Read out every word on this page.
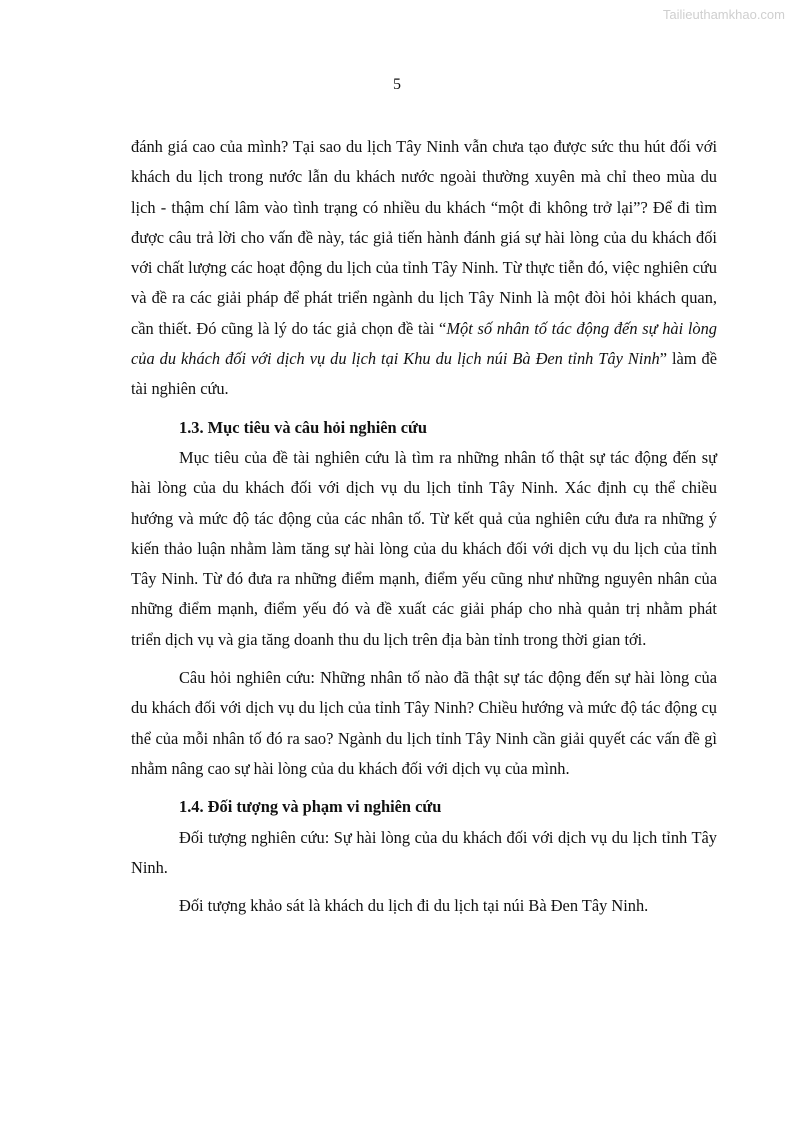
Tailieuthamkhao.com
5

đánh giá cao của mình? Tại sao du lịch Tây Ninh vẫn chưa tạo được sức thu hút đối với khách du lịch trong nước lẫn du khách nước ngoài thường xuyên mà chỉ theo mùa du lịch - thậm chí lâm vào tình trạng có nhiều du khách “một đi không trở lại”? Để đi tìm được câu trả lời cho vấn đề này, tác giả tiến hành đánh giá sự hài lòng của du khách đối với chất lượng các hoạt động du lịch của tỉnh Tây Ninh. Từ thực tiễn đó, việc nghiên cứu và đề ra các giải pháp để phát triển ngành du lịch Tây Ninh là một đòi hỏi khách quan, cần thiết. Đó cũng là lý do tác giả chọn đề tài “Một số nhân tố tác động đến sự hài lòng của du khách đối với dịch vụ du lịch tại Khu du lịch núi Bà Đen tỉnh Tây Ninh” làm đề tài nghiên cứu.

1.3. Mục tiêu và câu hỏi nghiên cứu

Mục tiêu của đề tài nghiên cứu là tìm ra những nhân tố thật sự tác động đến sự hài lòng của du khách đối với dịch vụ du lịch tỉnh Tây Ninh. Xác định cụ thể chiều hướng và mức độ tác động của các nhân tố. Từ kết quả của nghiên cứu đưa ra những ý kiến thảo luận nhằm làm tăng sự hài lòng của du khách đối với dịch vụ du lịch của tỉnh Tây Ninh. Từ đó đưa ra những điểm mạnh, điểm yếu cũng như những nguyên nhân của những điểm mạnh, điểm yếu đó và đề xuất các giải pháp cho nhà quản trị nhằm phát triển dịch vụ và gia tăng doanh thu du lịch trên địa bàn tỉnh trong thời gian tới.

Câu hỏi nghiên cứu: Những nhân tố nào đã thật sự tác động đến sự hài lòng của du khách đối với dịch vụ du lịch của tỉnh Tây Ninh? Chiều hướng và mức độ tác động cụ thể của mỗi nhân tố đó ra sao? Ngành du lịch tỉnh Tây Ninh cần giải quyết các vấn đề gì nhằm nâng cao sự hài lòng của du khách đối với dịch vụ của mình.

1.4. Đối tượng và phạm vi nghiên cứu

Đối tượng nghiên cứu: Sự hài lòng của du khách đối với dịch vụ du lịch tỉnh Tây Ninh.

Đối tượng khảo sát là khách du lịch đi du lịch tại núi Bà Đen Tây Ninh.
